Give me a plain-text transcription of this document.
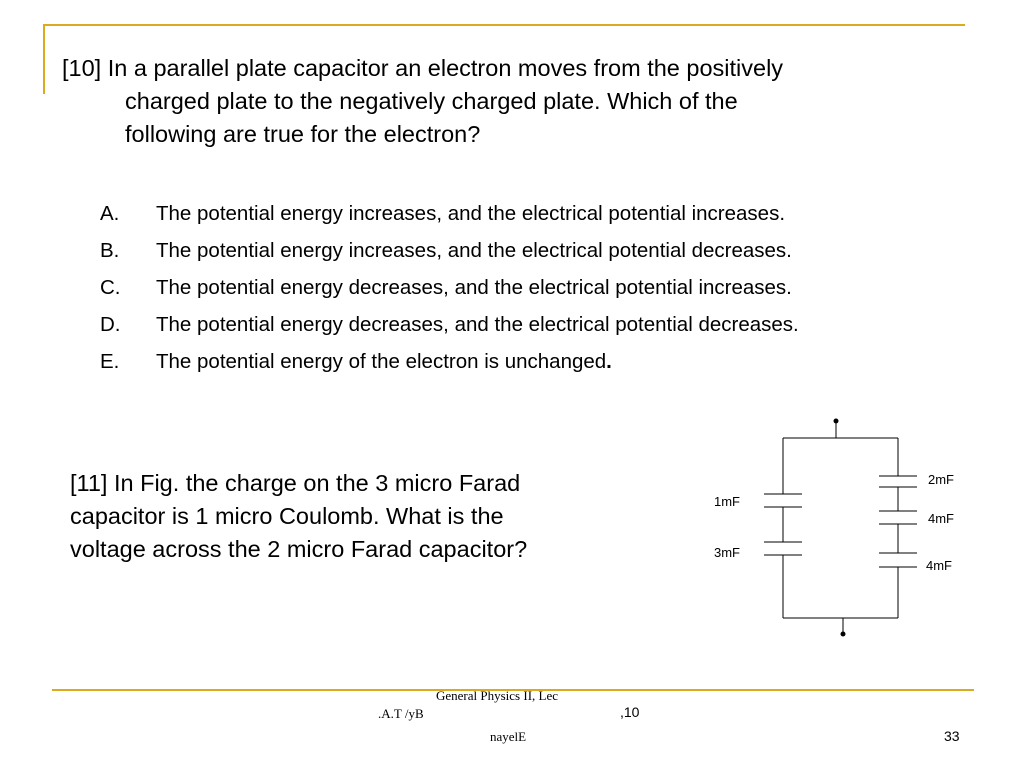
[10] In a parallel plate capacitor an electron moves from the positively
charged plate to the negatively charged plate. Which of the
following are true for the electron?
A. The potential energy increases, and the electrical potential increases.
B. The potential energy increases, and the electrical potential decreases.
C. The potential energy decreases, and the electrical potential increases.
D. The potential energy decreases, and the electrical potential decreases.
E. The potential energy of the electron is unchanged.
[11] In Fig. the charge on the 3 micro Farad
capacitor is 1 micro Coulomb. What is the
voltage across the 2 micro Farad capacitor?
1mF
3mF
2mF
4mF
4mF
General Physics II, Lec
.A.T /yB
nayelE
,10
33
